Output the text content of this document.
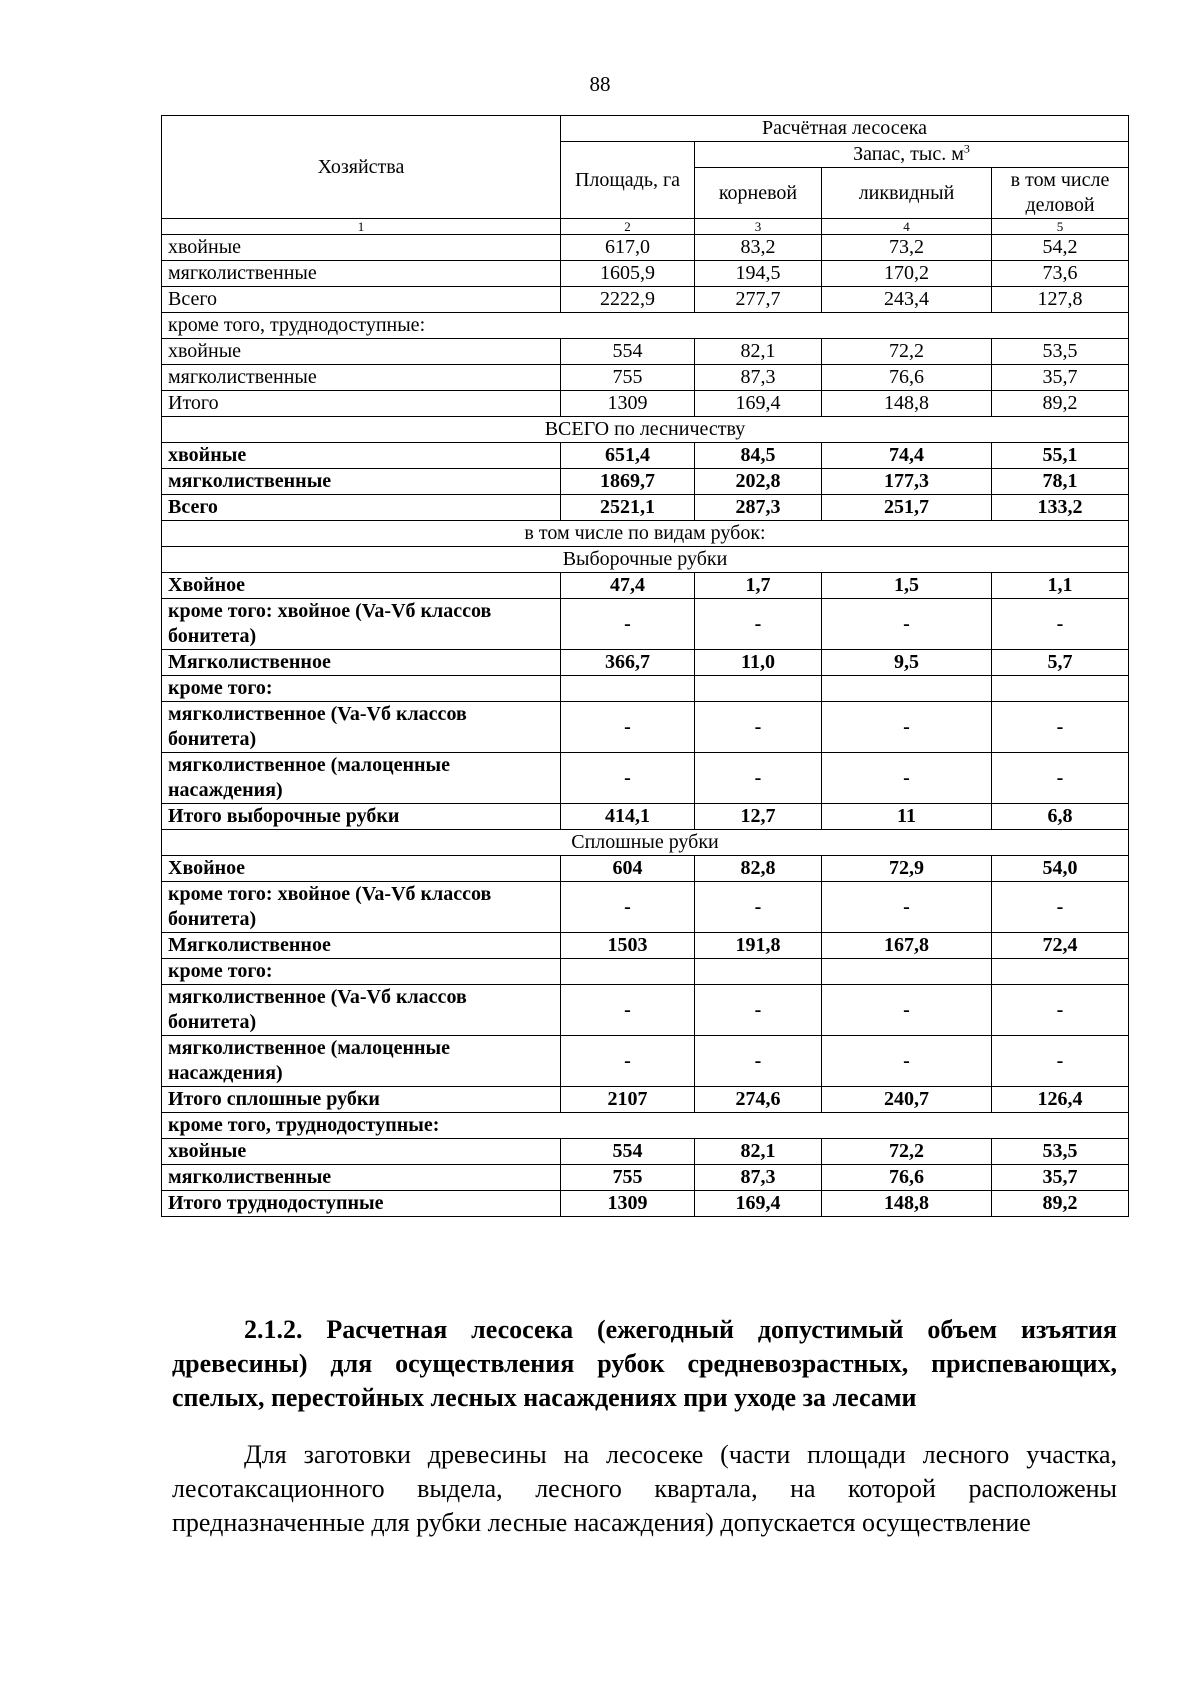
88
Хозяйства	Расчётная лесосека			
	Площадь, га	Запас, тыс. $м^3$
		корневой	ликвидный	в том числе деловой
1	2	3	4	5
хвойные	617,0	83,2	73,2	54,2
мягколиственные	1605,9	194,5	170,2	73,6
Всего	2222,9	277,7	243,4	127,8
кроме того, труднодоступные:				
хвойные	554	82,1	72,2	53,5
мягколиственные	755	87,3	76,6	35,7
Итого	1309	169,4	148,8	89,2
ВСЕГО по лесничеству				
хвойные	651,4	84,5	74,4	55,1
мягколиственные	1869,7	202,8	177,3	78,1
Всего	2521,1	287,3	251,7	133,2
в том числе по видам рубок:				
Выборочные рубки				
Хвойное	47,4	1,7	1,5	1,1
кроме того: хвойное (Va-Vб классов бонитета)	-	-	-	-
Мягколиственное	366,7	11,0	9,5	5,7
кроме того:				
мягколиственное (Va-Vб классов бонитета)	-	-	-	-
мягколиственное (малоценные насаждения)	-	-	-	-
Итого выборочные рубки	414,1	12,7	11	6,8
Сплошные рубки				
Хвойное	604	82,8	72,9	54,0
кроме того: хвойное (Va-Vб классов бонитета)	-	-	-	-
Мягколиственное	1503	191,8	167,8	72,4
кроме того:				
мягколиственное (Va-Vб классов бонитета)	-	-	-	-
мягколиственное (малоценные насаждения)	-	-	-	-
Итого сплошные рубки	2107	274,6	240,7	126,4
кроме того, труднодоступные:				
хвойные	554	82,1	72,2	53,5
мягколиственные	755	87,3	76,6	35,7
Итого труднодоступные	1309	169,4	148,8	89,2
2.1.2. Расчетная лесосека (ежегодный допустимый объем изъятия древесины) для осуществления рубок средневозрастных, приспевающих, спелых, перестойных лесных насаждениях при уходе за лесами
Для заготовки древесины на лесосеке (части площади лесного участка, лесотаксационного выдела, лесного квартала, на которой расположены предназначенные для рубки лесные насаждения) допускается осуществление
